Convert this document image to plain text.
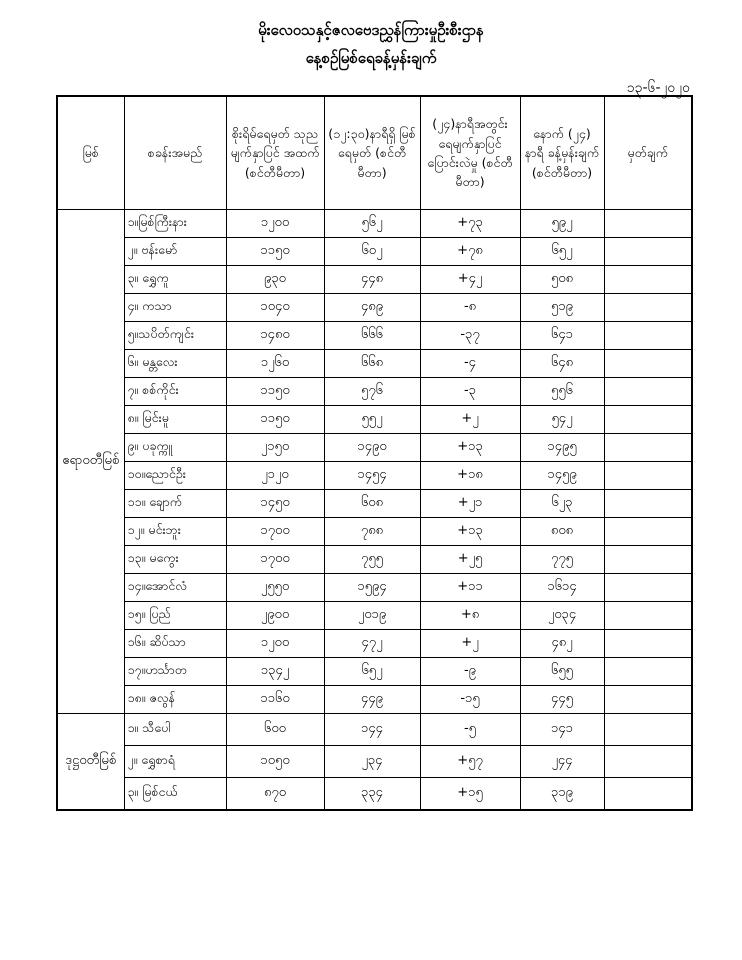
မိုးလေဝသနှင့်ဇလဗေဒညွှန်ကြားမှုဦးစီးဌာန
နေ့စဉ်မြစ်ရေခန့်မှန်းချက်
၁၃-၆-၂၀၂၀
မြစ်	စခန်းအမည်	စိုးရိမ်ရေမှတ် သုညမျက်နှာပြင် အထက် (စင်တီမီတာ)	(၁၂:၃၀)နာရီရှိ မြစ်ရေမှတ် (စင်တီမီတာ)	(၂၄)နာရီအတွင်း ရေမျက်နှာပြင် ပြောင်းလဲမှု (စင်တီမီတာ)	နောက် (၂၄) နာရီ ခန့်မှန်းချက် (စင်တီမီတာ)	မှတ်ချက်
ဧရာဝတီမြစ်	၁။မြစ်ကြီးနား	၁၂၀၀	၅၆၂	+၇၃	၅၉၂	
	၂။ ဗန်းမော်	၁၁၅၀	၆၀၂	+၇၈	၆၅၂	
	၃။ ရွှေကူ	၉၃၀	၄၄၈	+၄၂	၅၀၈	
	၄။ ကသာ	၁၀၄၀	၄၈၉	-၈	၅၁၉	
	၅။သပိတ်ကျင်း	၁၄၈၀	၆၆၆	-၃၇	၆၄၁	
	၆။ မန္တလေး	၁၂၆၀	၆၆၈	-၄	၆၄၈	
	၇။ စစ်ကိုင်း	၁၁၅၀	၅၇၆	-၃	၅၅၆	
	၈။ မြင်းမူ	၁၁၅၀	၅၅၂	+၂	၅၄၂	
	၉။ ပခုက္ကူ	၂၁၅၀	၁၄၉၀	+၁၃	၁၄၉၅	
	၁၀။ညောင်ဦး	၂၁၂၀	၁၄၅၄	+၁၈	၁၄၅၉	
	၁၁။ ချောက်	၁၄၅၀	၆၀၈	+၂၁	၆၂၃	
	၁၂။ မင်းဘူး	၁၇၀၀	၇၈၈	+၁၃	၈၀၈	
	၁၃။ မကွေး	၁၇၀၀	၇၅၅	+၂၅	၇၇၅	
	၁၄။အောင်လံ	၂၅၅၀	၁၅၉၄	+၁၁	၁၆၁၄	
	၁၅။ ပြည်	၂၉၀၀	၂၀၁၉	+၈	၂၀၃၄	
	၁၆။ ဆိပ်သာ	၁၂၀၀	၄၇၂	+၂	၄၈၂	
	၁၇။ဟင်္သာတ	၁၃၄၂	၆၅၂	-၉	၆၅၅	
	၁၈။ ဇလွန်	၁၁၆၀	၄၄၉	-၁၅	၄၄၅	
ဒုဋ္ဌဝတီမြစ်	၁။ သီပေါ	၆၀၀	၁၄၄	-၅	၁၄၁	
	၂။ ရွှေစာရံ	၁၀၅၀	၂၃၄	+၅၇	၂၄၄	
	၃။ မြစ်ငယ်	၈၇၀	၃၃၄	+၁၅	၃၁၉	
